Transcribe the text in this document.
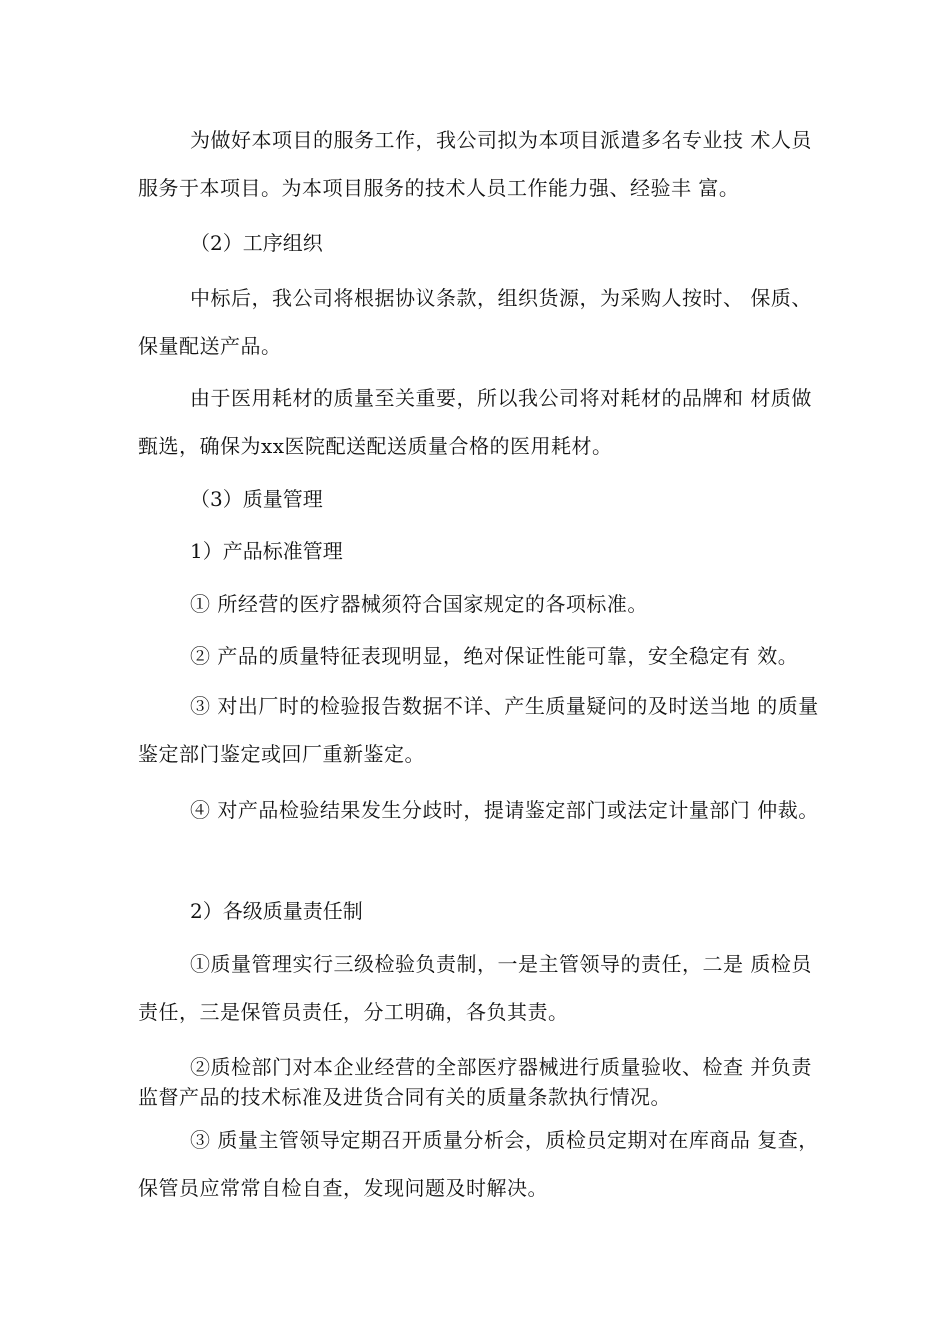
为做好本项目的服务工作，我公司拟为本项目派遣多名专业技 术人员服务于本项目。为本项目服务的技术人员工作能力强、经验丰 富。

（2）工序组织

中标后，我公司将根据协议条款，组织货源，为采购人按时、 保质、保量配送产品。

由于医用耗材的质量至关重要，所以我公司将对耗材的品牌和 材质做甄选，确保为xx医院配送配送质量合格的医用耗材。

（3）质量管理

1）产品标准管理

① 所经营的医疗器械须符合国家规定的各项标准。

② 产品的质量特征表现明显，绝对保证性能可靠，安全稳定有 效。

③ 对出厂时的检验报告数据不详、产生质量疑问的及时送当地 的质量鉴定部门鉴定或回厂重新鉴定。

④ 对产品检验结果发生分歧时，提请鉴定部门或法定计量部门 仲裁。

2）各级质量责任制

①质量管理实行三级检验负责制，一是主管领导的责任，二是 质检员责任，三是保管员责任，分工明确，各负其责。

②质检部门对本企业经营的全部医疗器械进行质量验收、检查 并负责监督产品的技术标准及进货合同有关的质量条款执行情况。

③ 质量主管领导定期召开质量分析会，质检员定期对在库商品 复查，保管员应常常自检自查，发现问题及时解决。
